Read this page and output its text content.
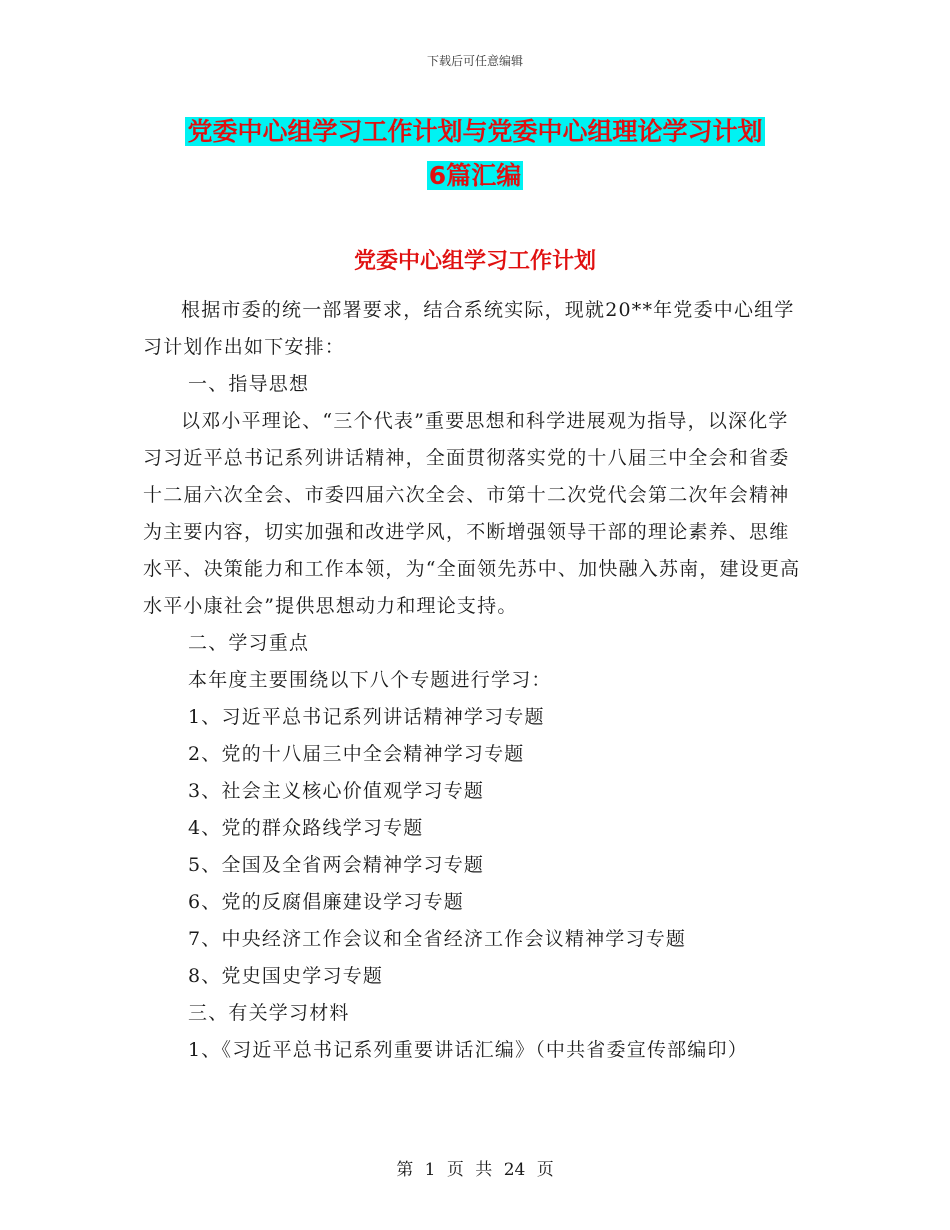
下载后可任意编辑
党委中心组学习工作计划与党委中心组理论学习计划
6篇汇编
党委中心组学习工作计划

根据市委的统一部署要求，结合系统实际，现就20**年党委中心组学习计划作出如下安排：

一、指导思想

以邓小平理论、“三个代表”重要思想和科学进展观为指导，以深化学习习近平总书记系列讲话精神，全面贯彻落实党的十八届三中全会和省委十二届六次全会、市委四届六次全会、市第十二次党代会第二次年会精神为主要内容，切实加强和改进学风，不断增强领导干部的理论素养、思维水平、决策能力和工作本领，为“全面领先苏中、加快融入苏南，建设更高水平小康社会”提供思想动力和理论支持。

二、学习重点
本年度主要围绕以下八个专题进行学习：
1、习近平总书记系列讲话精神学习专题
2、党的十八届三中全会精神学习专题
3、社会主义核心价值观学习专题
4、党的群众路线学习专题
5、全国及全省两会精神学习专题
6、党的反腐倡廉建设学习专题
7、中央经济工作会议和全省经济工作会议精神学习专题
8、党史国史学习专题
三、有关学习材料
1、《习近平总书记系列重要讲话汇编》（中共省委宣传部编印）
第 1 页 共 24 页
